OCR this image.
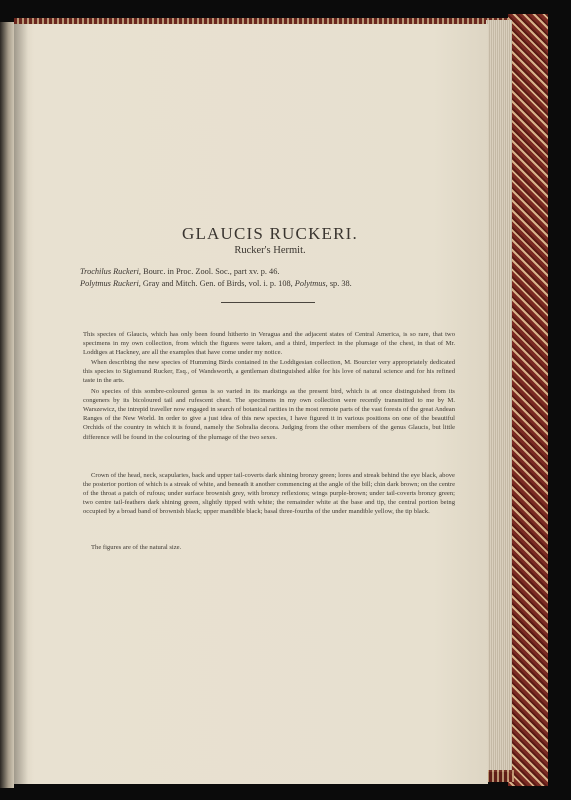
GLAUCIS RUCKERI.
Rucker's Hermit.
Trochilus Ruckeri, Bourc. in Proc. Zool. Soc., part xv. p. 46.
Polytmus Ruckeri, Gray and Mitch. Gen. of Birds, vol. i. p. 108, Polytmus, sp. 38.

This species of Glaucis, which has only been found hitherto in Veragua and the adjacent states of Central America, is so rare, that two specimens in my own collection, from which the figures were taken, and a third, imperfect in the plumage of the chest, in that of Mr. Loddiges at Hackney, are all the examples that have come under my notice.

When describing the new species of Humming Birds contained in the Loddigesian collection, M. Bourcier very appropriately dedicated this species to Sigismund Rucker, Esq., of Wandsworth, a gentleman distinguished alike for his love of natural science and for his refined taste in the arts.

No species of this sombre-coloured genus is so varied in its markings as the present bird, which is at once distinguished from its congeners by its bicoloured tail and rufescent chest. The specimens in my own collection were recently transmitted to me by M. Warszewicz, the intrepid traveller now engaged in search of botanical rarities in the most remote parts of the vast forests of the great Andean Ranges of the New World. In order to give a just idea of this new species, I have figured it in various positions on one of the beautiful Orchids of the country in which it is found, namely the Sobralia decora. Judging from the other members of the genus Glaucis, but little difference will be found in the colouring of the plumage of the two sexes.

Crown of the head, neck, scapularies, back and upper tail-coverts dark shining bronzy green; lores and streak behind the eye black, above the posterior portion of which is a streak of white, and beneath it another commencing at the angle of the bill; chin dark brown; on the centre of the throat a patch of rufous; under surface brownish grey, with bronzy reflexions; wings purple-brown; under tail-coverts bronzy green; two centre tail-feathers dark shining green, slightly tipped with white; the remainder white at the base and tip, the central portion being occupied by a broad band of brownish black; upper mandible black; basal three-fourths of the under mandible yellow, the tip black.

The figures are of the natural size.
